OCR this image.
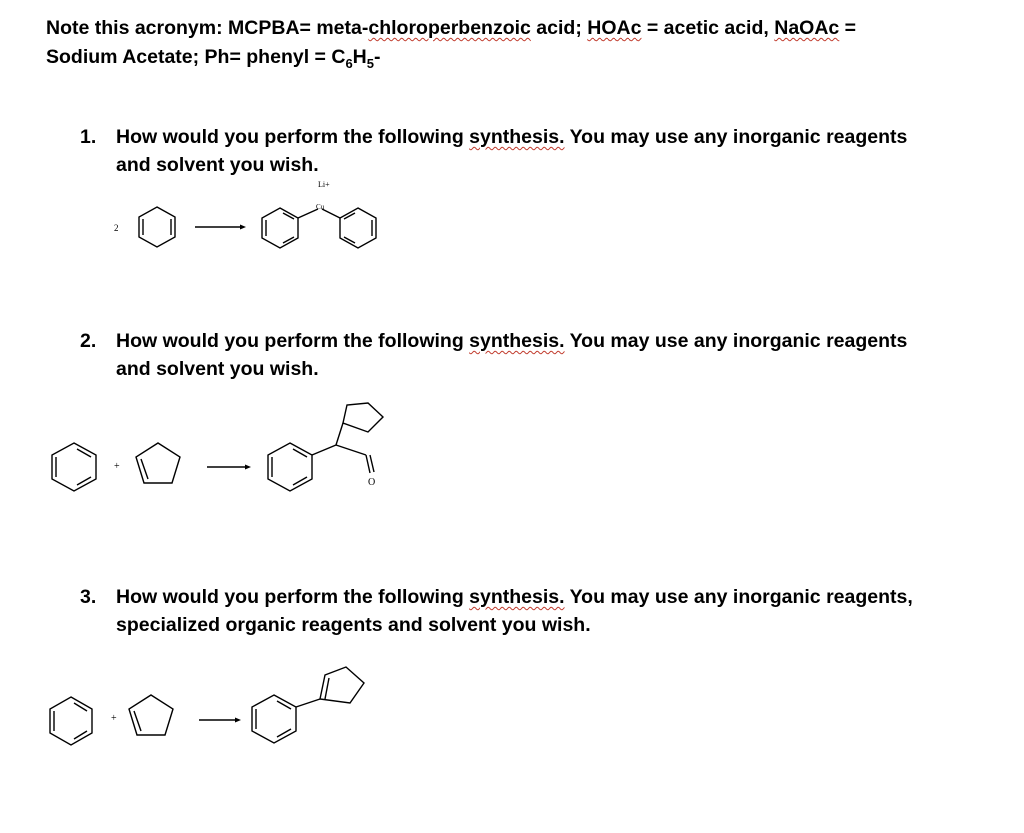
Note this acronym: MCPBA= meta-chloroperbenzoic acid; HOAc = acetic acid, NaOAc =
Sodium Acetate; Ph= phenyl = $C_6H_5-$
1. How would you perform the following synthesis. You may use any inorganic reagents
and solvent you wish.
2
Li+
Cu
2. How would you perform the following synthesis. You may use any inorganic reagents
and solvent you wish.
+
O
3. How would you perform the following synthesis. You may use any inorganic reagents,
specialized organic reagents and solvent you wish.
+
